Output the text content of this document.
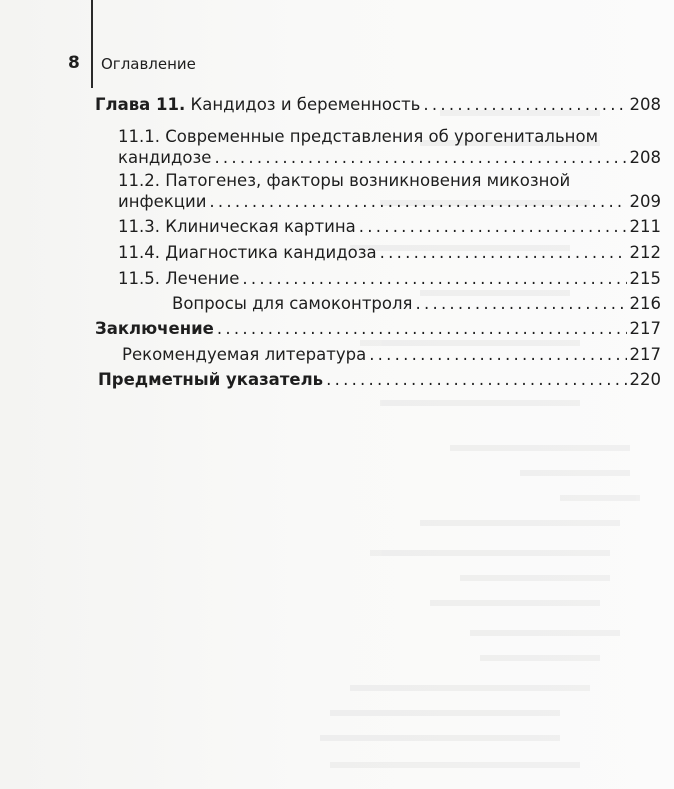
8 Оглавление
Глава 11. Кандидоз и беременность . . .	208
11.1. Современные представления об урогенитальном
кандидозе . . .	208
11.2. Патогенез, факторы возникновения микозной
инфекции . . .	209
11.3. Клиническая картина . . .	211
11.4. Диагностика кандидоза . . .	212
11.5. Лечение . . .	215
Вопросы для самоконтроля . . .	216
Заключение . . .	217
Рекомендуемая литература . . .	217
Предметный указатель . . .	220
